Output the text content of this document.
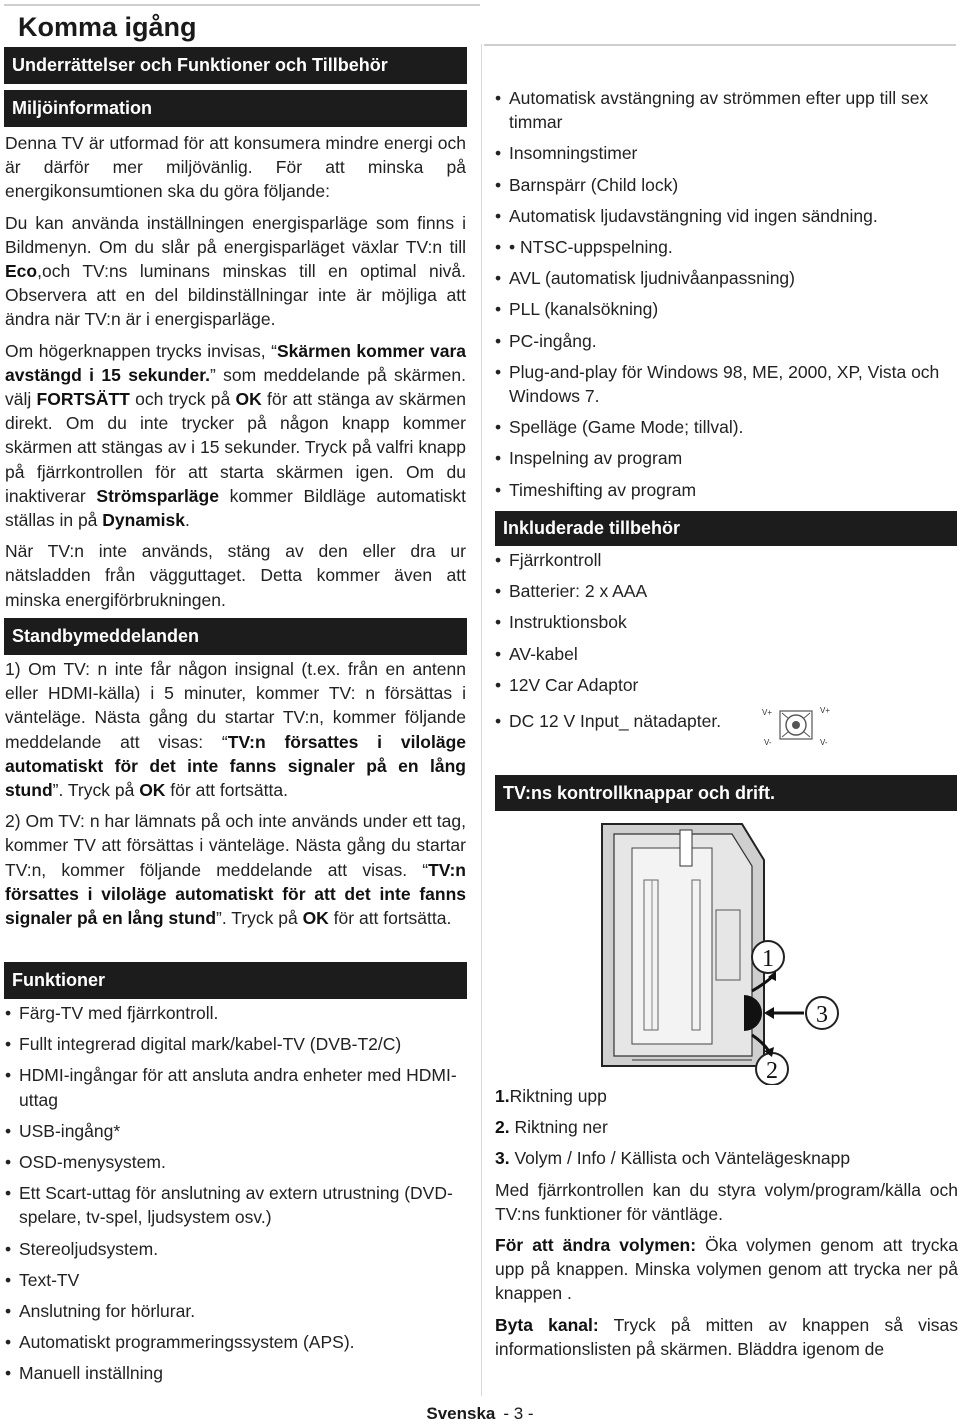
Komma igång
Underrättelser och Funktioner och Tillbehör
Miljöinformation

Denna TV är utformad för att konsumera mindre energi och är därför mer miljövänlig. För att minska på energikonsumtionen ska du göra följande:

Du kan använda inställningen energisparläge som finns i Bildmenyn. Om du slår på energisparläget växlar TV:n till Eco,och TV:ns luminans minskas till en optimal nivå. Observera att en del bildinställningar inte är möjliga att ändra när TV:n är i energisparläge.

Om högerknappen trycks invisas, “Skärmen kommer vara avstängd i 15 sekunder.” som meddelande på skärmen. välj FORTSÄTT och tryck på OK för att stänga av skärmen direkt. Om du inte trycker på någon knapp kommer skärmen att stängas av i 15 sekunder. Tryck på valfri knapp på fjärrkontrollen för att starta skärmen igen. Om du inaktiverar Strömsparläge kommer Bildläge automatiskt ställas in på Dynamisk.

När TV:n inte används, stäng av den eller dra ur nätsladden från vägguttaget. Detta kommer även att minska energiförbrukningen.

Standbymeddelanden

1) Om TV: n inte får någon insignal (t.ex. från en antenn eller HDMI-källa) i 5 minuter, kommer TV: n försättas i vänteläge. Nästa gång du startar TV:n, kommer följande meddelande att visas: “TV:n försattes i viloläge automatiskt för det inte fanns signaler på en lång stund”. Tryck på OK för att fortsätta.

2) Om TV: n har lämnats på och inte används under ett tag, kommer TV att försättas i vänteläge. Nästa gång du startar TV:n, kommer följande meddelande att visas. “TV:n försattes i viloläge automatiskt för att det inte fanns signaler på en lång stund”. Tryck på OK för att fortsätta.

Funktioner
• Färg-TV med fjärrkontroll.
• Fullt integrerad digital mark/kabel-TV (DVB-T2/C)
• HDMI-ingångar för att ansluta andra enheter med HDMI-uttag
• USB-ingång*
• OSD-menysystem.
• Ett Scart-uttag för anslutning av extern utrustning (DVD-spelare, tv-spel, ljudsystem osv.)
• Stereoljudsystem.
• Text-TV
• Anslutning for hörlurar.
• Automatiskt programmeringssystem (APS).
• Manuell inställning
• Automatisk avstängning av strömmen efter upp till sex timmar
• Insomningstimer
• Barnspärr (Child lock)
• Automatisk ljudavstängning vid ingen sändning.
• • NTSC-uppspelning.
• AVL (automatisk ljudnivåanpassning)
• PLL (kanalsökning)
• PC-ingång.
• Plug-and-play för Windows 98, ME, 2000, XP, Vista och Windows 7.
• Spelläge (Game Mode; tillval).
• Inspelning av program
• Timeshifting av program
Inkluderade tillbehör
• Fjärrkontroll
• Batterier: 2 x AAA
• Instruktionsbok
• AV-kabel
• 12V Car Adaptor
• DC 12 V Input_ nätadapter.	V+	V+
V-	V-
TV:ns kontrollknappar och drift.
1
2
3

1.Riktning upp

2. Riktning ner

3. Volym / Info / Källista och Väntelägesknapp

Med fjärrkontrollen kan du styra volym/program/källa och TV:ns funktioner för väntläge.

För att ändra volymen: Öka volymen genom att trycka upp på knappen. Minska volymen genom att trycka ner på knappen .

Byta kanal: Tryck på mitten av knappen så visas informationslisten på skärmen. Bläddra igenom de

Svenska - 3 -
